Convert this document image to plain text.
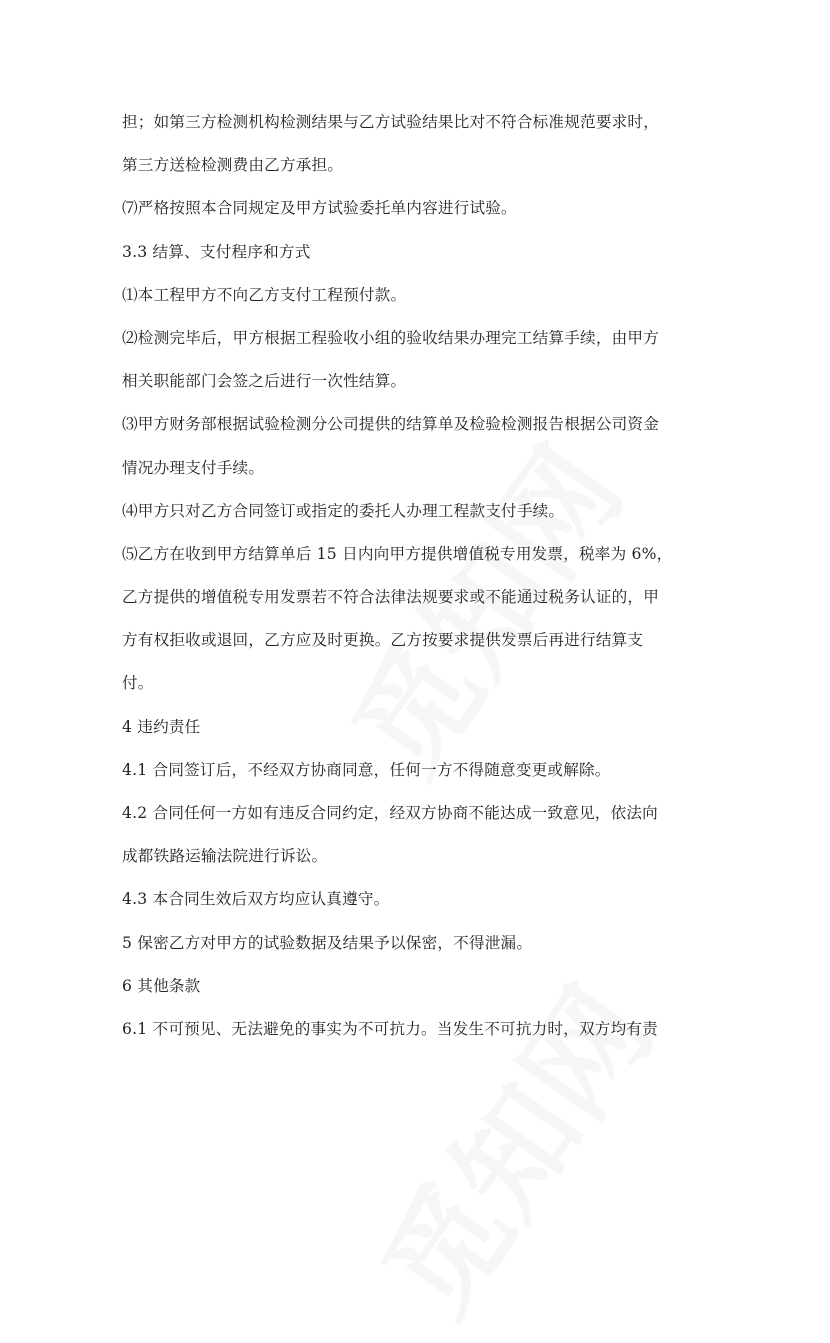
担；如第三方检测机构检测结果与乙方试验结果比对不符合标准规范要求时，
第三方送检检测费由乙方承担。
⑺严格按照本合同规定及甲方试验委托单内容进行试验。
3.3 结算、支付程序和方式
⑴本工程甲方不向乙方支付工程预付款。
⑵检测完毕后，甲方根据工程验收小组的验收结果办理完工结算手续，由甲方
相关职能部门会签之后进行一次性结算。
⑶甲方财务部根据试验检测分公司提供的结算单及检验检测报告根据公司资金
情况办理支付手续。
⑷甲方只对乙方合同签订或指定的委托人办理工程款支付手续。
⑸乙方在收到甲方结算单后 15 日内向甲方提供增值税专用发票，税率为 6%，
乙方提供的增值税专用发票若不符合法律法规要求或不能通过税务认证的，甲
方有权拒收或退回，乙方应及时更换。乙方按要求提供发票后再进行结算支
付。
4 违约责任
4.1 合同签订后，不经双方协商同意，任何一方不得随意变更或解除。
4.2 合同任何一方如有违反合同约定，经双方协商不能达成一致意见，依法向
成都铁路运输法院进行诉讼。
4.3 本合同生效后双方均应认真遵守。
5 保密乙方对甲方的试验数据及结果予以保密，不得泄漏。
6 其他条款
6.1 不可预见、无法避免的事实为不可抗力。当发生不可抗力时，双方均有责
